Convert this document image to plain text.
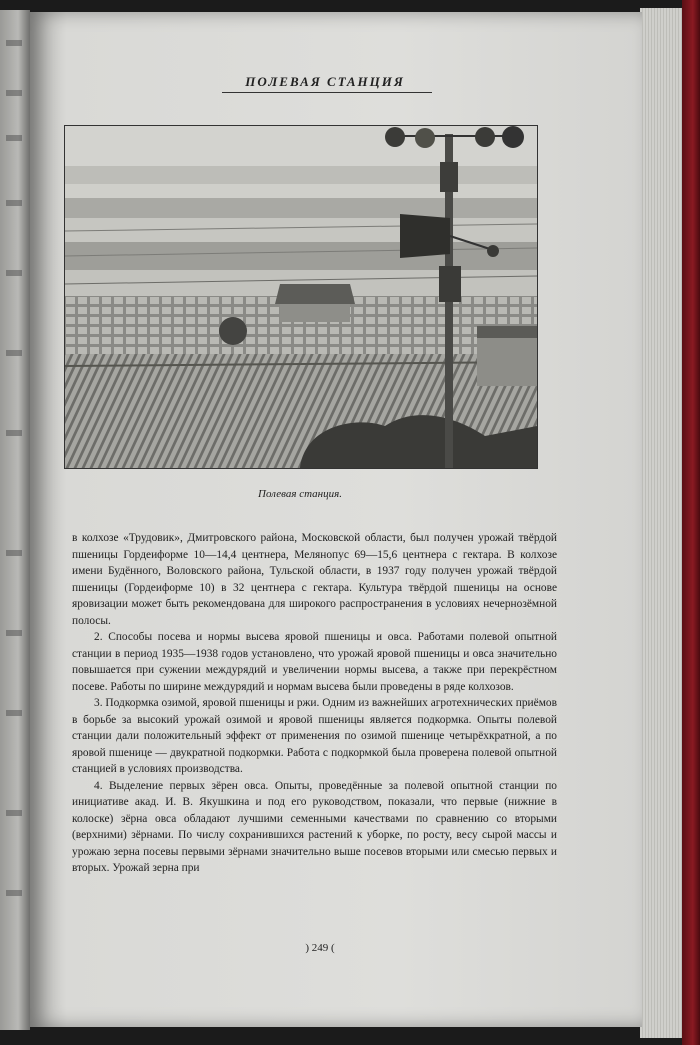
ПОЛЕВАЯ СТАНЦИЯ
Полевая станция.

в колхозе «Трудовик», Дмитровского района, Московской области, был получен урожай твёрдой пшеницы Гордеиформе 10—14,4 центнера, Мелянопус 69—15,6 центнера с гектара. В колхозе имени Будённого, Воловского района, Тульской области, в 1937 году получен урожай твёрдой пшеницы (Гордеиформе 10) в 32 центнера с гектара. Культура твёрдой пшеницы на основе яровизации может быть рекомендована для широкого распространения в условиях нечернозёмной полосы.

2. Способы посева и нормы высева яровой пшеницы и овса. Работами полевой опытной станции в период 1935—1938 годов установлено, что урожай яровой пшеницы и овса значительно повышается при сужении междурядий и увеличении нормы высева, а также при перекрёстном посеве. Работы по ширине междурядий и нормам высева были проведены в ряде колхозов.

3. Подкормка озимой, яровой пшеницы и ржи. Одним из важнейших агротехнических приёмов в борьбе за высокий урожай озимой и яровой пшеницы является подкормка. Опыты полевой станции дали положительный эффект от применения по озимой пшенице четырёхкратной, а по яровой пшенице — двукратной подкормки. Работа с подкормкой была проверена полевой опытной станцией в условиях производства.

4. Выделение первых зёрен овса. Опыты, проведённые за полевой опытной станции по инициативе акад. И. В. Якушкина и под его руководством, показали, что первые (нижние в колоске) зёрна овса обладают лучшими семенными качествами по сравнению со вторыми (верхними) зёрнами. По числу сохранившихся растений к уборке, по росту, весу сырой массы и урожаю зерна посевы первыми зёрнами значительно выше посевов вторыми или смесью первых и вторых. Урожай зерна при

) 249 (
